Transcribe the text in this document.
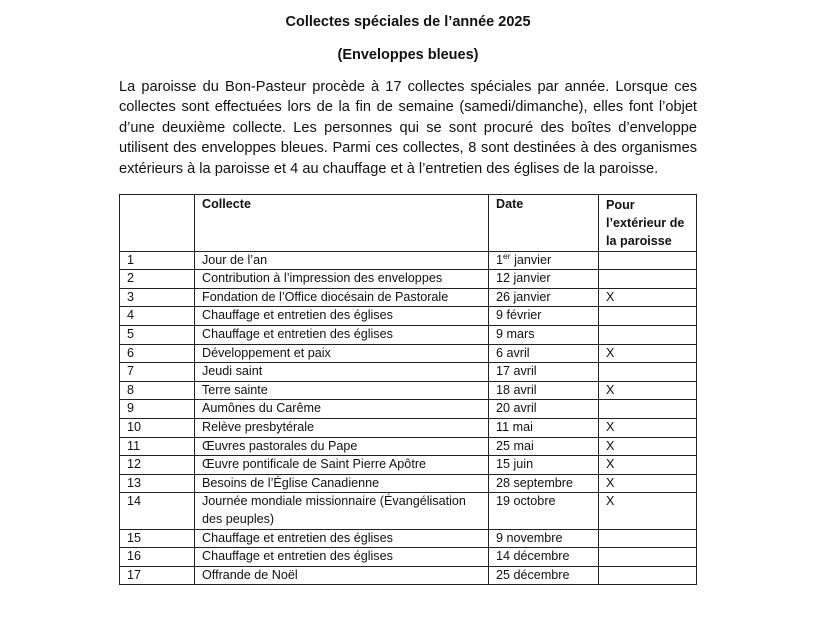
Collectes spéciales de l’année 2025
(Enveloppes bleues)

La paroisse du Bon-Pasteur procède à 17 collectes spéciales par année. Lorsque ces collectes sont effectuées lors de la fin de semaine (samedi/dimanche), elles font l’objet d’une deuxième collecte. Les personnes qui se sont procuré des boîtes d’enveloppe utilisent des enveloppes bleues. Parmi ces collectes, 8 sont destinées à des organismes extérieurs à la paroisse et 4 au chauffage et à l’entretien des églises de la paroisse.

	Collecte	Date	Pour l’extérieur de la paroisse
1	Jour de l’an	1er janvier	
2	Contribution à l’impression des enveloppes	12 janvier	
3	Fondation de l’Office diocésain de Pastorale	26 janvier	X
4	Chauffage et entretien des églises	9 février	
5	Chauffage et entretien des églises	9 mars	
6	Développement et paix	6 avril	X
7	Jeudi saint	17 avril	
8	Terre sainte	18 avril	X
9	Aumônes du Carême	20 avril	
10	Relève presbytérale	11 mai	X
11	Œuvres pastorales du Pape	25 mai	X
12	Œuvre pontificale de Saint Pierre Apôtre	15 juin	X
13	Besoins de l’Église Canadienne	28 septembre	X
14	Journée mondiale missionnaire (Évangélisation des peuples)	19 octobre	X
15	Chauffage et entretien des églises	9 novembre	
16	Chauffage et entretien des églises	14 décembre	
17	Offrande de Noël	25 décembre	
